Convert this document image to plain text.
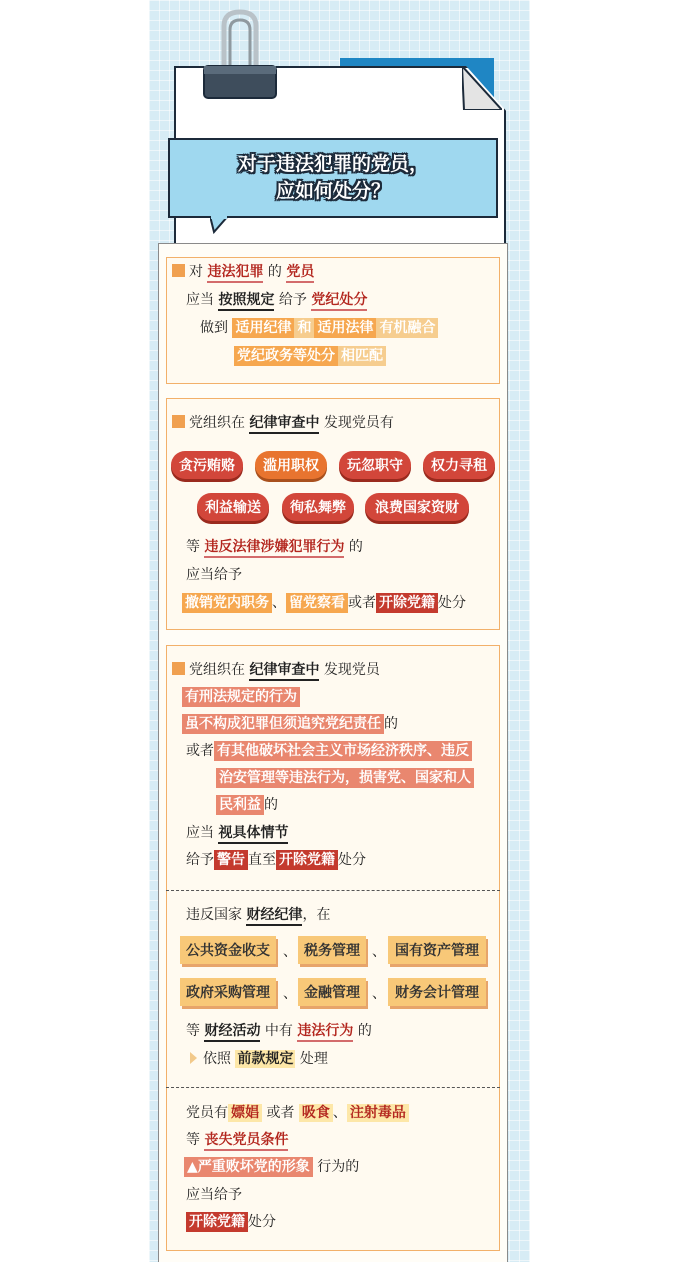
对于违法犯罪的党员，
应如何处分？
对 违法犯罪 的 党员
应当 按照规定 给予 党纪处分
做到 适用纪律 和 适用法律 有机融合
党纪政务等处分 相匹配
党组织在 纪律审查中 发现党员有
贪污贿赂	滥用职权	玩忽职守	权力寻租
利益输送	徇私舞弊	浪费国家资财
等 违反法律涉嫌犯罪行为 的
应当给予
撤销党内职务 、 留党察看 或者 开除党籍 处分
党组织在 纪律审查中 发现党员
有刑法规定的行为
虽不构成犯罪但须追究党纪责任 的
或者 有其他破坏社会主义市场经济秩序、违反
治安管理等违法行为，损害党、国家和人
民利益 的
应当 视具体情节
给予 警告 直至 开除党籍 处分
违反国家 财经纪律，在
公共资金收支 、 税务管理 、 国有资产管理
政府采购管理 、 金融管理 、 财务会计管理
等 财经活动 中有 违法行为 的
依照 前款规定 处理
党员有 嫖娼 或者 吸食 、 注射毒品
等 丧失党员条件
▲严重败坏党的形象 行为的
应当给予
开除党籍 处分
